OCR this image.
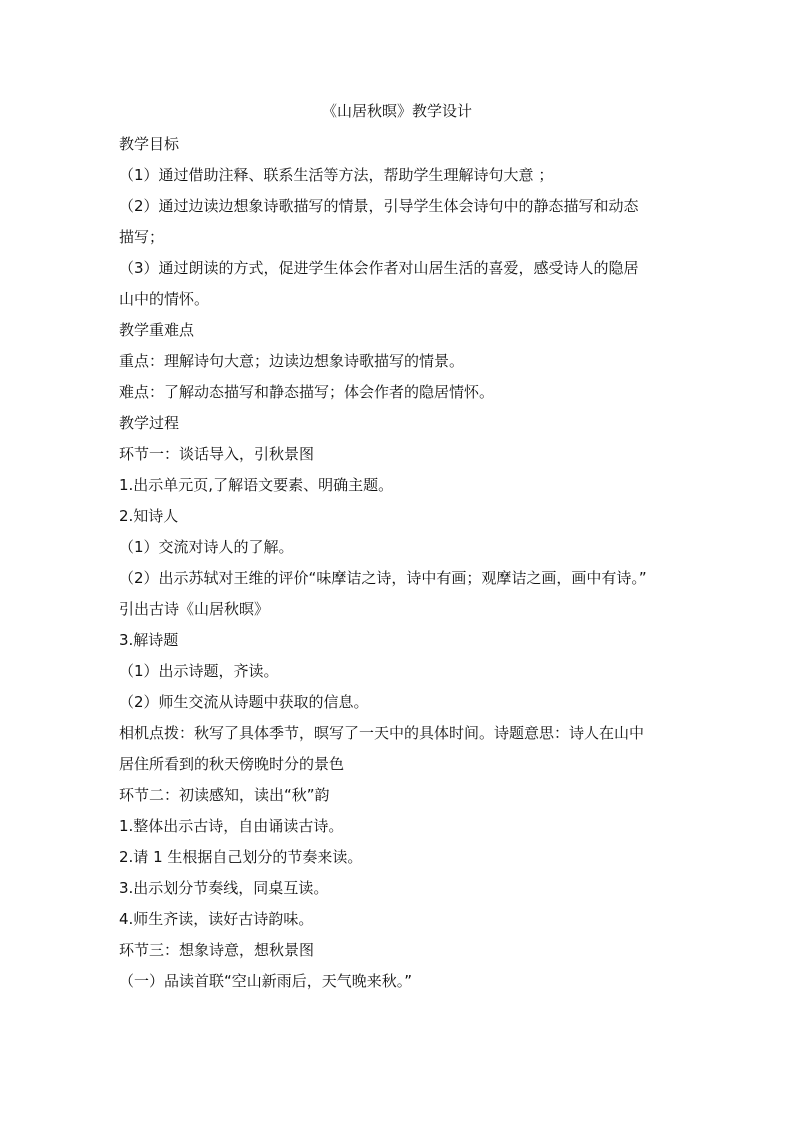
《山居秋暝》教学设计
教学目标
（1）通过借助注释、联系生活等方法，帮助学生理解诗句大意 ；
（2）通过边读边想象诗歌描写的情景，引导学生体会诗句中的静态描写和动态
描写；
（3）通过朗读的方式，促进学生体会作者对山居生活的喜爱，感受诗人的隐居
山中的情怀。
教学重难点
重点：理解诗句大意；边读边想象诗歌描写的情景。
难点：了解动态描写和静态描写；体会作者的隐居情怀。
教学过程
环节一：谈话导入，引秋景图
1.出示单元页,了解语文要素、明确主题。
2.知诗人
（1）交流对诗人的了解。
（2）出示苏轼对王维的评价“味摩诘之诗，诗中有画；观摩诘之画，画中有诗。”
引出古诗《山居秋暝》
3.解诗题
（1）出示诗题，齐读。
（2）师生交流从诗题中获取的信息。
相机点拨：秋写了具体季节，暝写了一天中的具体时间。诗题意思：诗人在山中
居住所看到的秋天傍晚时分的景色
环节二：初读感知，读出“秋”韵
1.整体出示古诗，自由诵读古诗。
2.请 1 生根据自己划分的节奏来读。
3.出示划分节奏线，同桌互读。
4.师生齐读，读好古诗韵味。
环节三：想象诗意，想秋景图
（一）品读首联“空山新雨后，天气晚来秋。”
